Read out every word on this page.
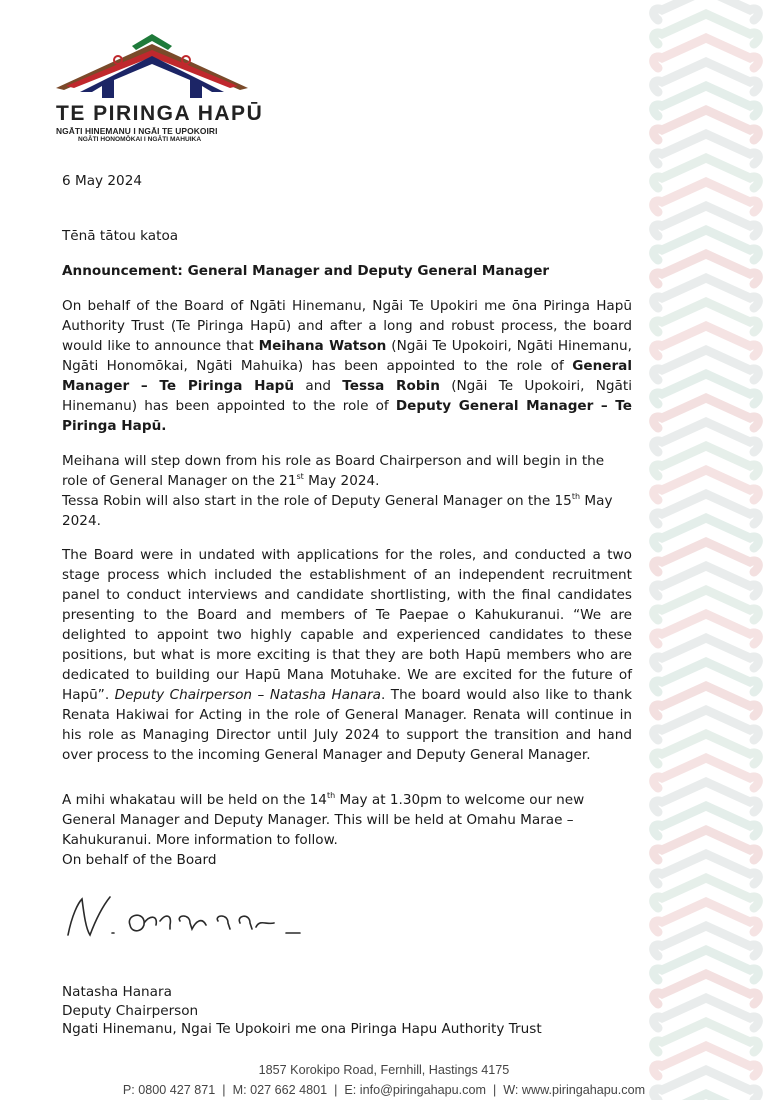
TE PIRINGA HAPŪ
NGĀTI HINEMANU I NGĀI TE UPOKOIRI
NGĀTI HONOMŌKAI I NGĀTI MAHUIKA
6 May 2024
Tēnā tātou katoa
Announcement: General Manager and Deputy General Manager
On behalf of the Board of Ngāti Hinemanu, Ngāi Te Upokiri me ōna Piringa Hapū Authority Trust (Te Piringa Hapū) and after a long and robust process, the board would like to announce that Meihana Watson (Ngāi Te Upokoiri, Ngāti Hinemanu, Ngāti Honomōkai, Ngāti Mahuika) has been appointed to the role of General Manager – Te Piringa Hapū and Tessa Robin (Ngāi Te Upokoiri, Ngāti Hinemanu) has been appointed to the role of Deputy General Manager – Te Piringa Hapū.
Meihana will step down from his role as Board Chairperson and will begin in the role of General Manager on the 21st May 2024.
Tessa Robin will also start in the role of Deputy General Manager on the 15th May 2024.
The Board were in undated with applications for the roles, and conducted a two stage process which included the establishment of an independent recruitment panel to conduct interviews and candidate shortlisting, with the final candidates presenting to the Board and members of Te Paepae o Kahukuranui. “We are delighted to appoint two highly capable and experienced candidates to these positions, but what is more exciting is that they are both Hapū members who are dedicated to building our Hapū Mana Motuhake. We are excited for the future of Hapū”. Deputy Chairperson – Natasha Hanara. The board would also like to thank Renata Hakiwai for Acting in the role of General Manager. Renata will continue in his role as Managing Director until July 2024 to support the transition and hand over process to the incoming General Manager and Deputy General Manager.
A mihi whakatau will be held on the 14th May at 1.30pm to welcome our new General Manager and Deputy Manager. This will be held at Omahu Marae – Kahukuranui. More information to follow.
On behalf of the Board
Natasha Hanara
Deputy Chairperson
Ngati Hinemanu, Ngai Te Upokoiri me ona Piringa Hapu Authority Trust
1857 Korokipo Road, Fernhill, Hastings 4175
P: 0800 427 871  |  M: 027 662 4801  |  E: info@piringahapu.com  |  W: www.piringahapu.com
